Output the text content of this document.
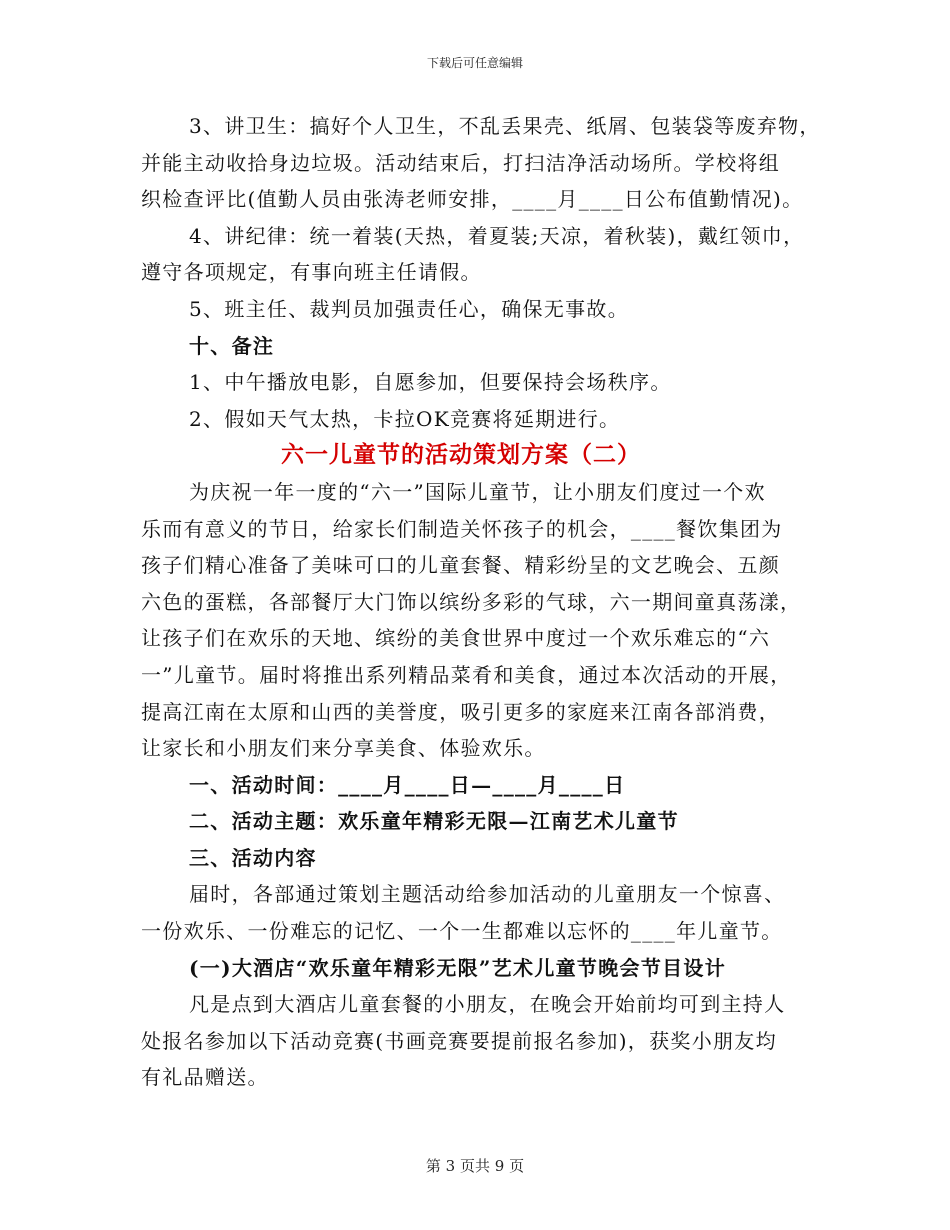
下载后可任意编辑
3、讲卫生：搞好个人卫生，不乱丢果壳、纸屑、包装袋等废弃物，
并能主动收拾身边垃圾。活动结束后，打扫洁净活动场所。学校将组
织检查评比(值勤人员由张涛老师安排，____月____日公布值勤情况)。
4、讲纪律：统一着装(天热，着夏装;天凉，着秋装)，戴红领巾，
遵守各项规定，有事向班主任请假。
5、班主任、裁判员加强责任心，确保无事故。
十、备注
1、中午播放电影，自愿参加，但要保持会场秩序。
2、假如天气太热，卡拉OK竞赛将延期进行。
六一儿童节的活动策划方案（二）
为庆祝一年一度的“六一”国际儿童节，让小朋友们度过一个欢
乐而有意义的节日，给家长们制造关怀孩子的机会，____餐饮集团为
孩子们精心准备了美味可口的儿童套餐、精彩纷呈的文艺晚会、五颜
六色的蛋糕，各部餐厅大门饰以缤纷多彩的气球，六一期间童真荡漾，
让孩子们在欢乐的天地、缤纷的美食世界中度过一个欢乐难忘的“六
一”儿童节。届时将推出系列精品菜肴和美食，通过本次活动的开展，
提高江南在太原和山西的美誉度，吸引更多的家庭来江南各部消费，
让家长和小朋友们来分享美食、体验欢乐。
一、活动时间：____月____日—____月____日
二、活动主题：欢乐童年精彩无限—江南艺术儿童节
三、活动内容
届时，各部通过策划主题活动给参加活动的儿童朋友一个惊喜、
一份欢乐、一份难忘的记忆、一个一生都难以忘怀的____年儿童节。
(一)大酒店“欢乐童年精彩无限”艺术儿童节晚会节目设计
凡是点到大酒店儿童套餐的小朋友，在晚会开始前均可到主持人
处报名参加以下活动竞赛(书画竞赛要提前报名参加)，获奖小朋友均
有礼品赠送。
第 3 页共 9 页
